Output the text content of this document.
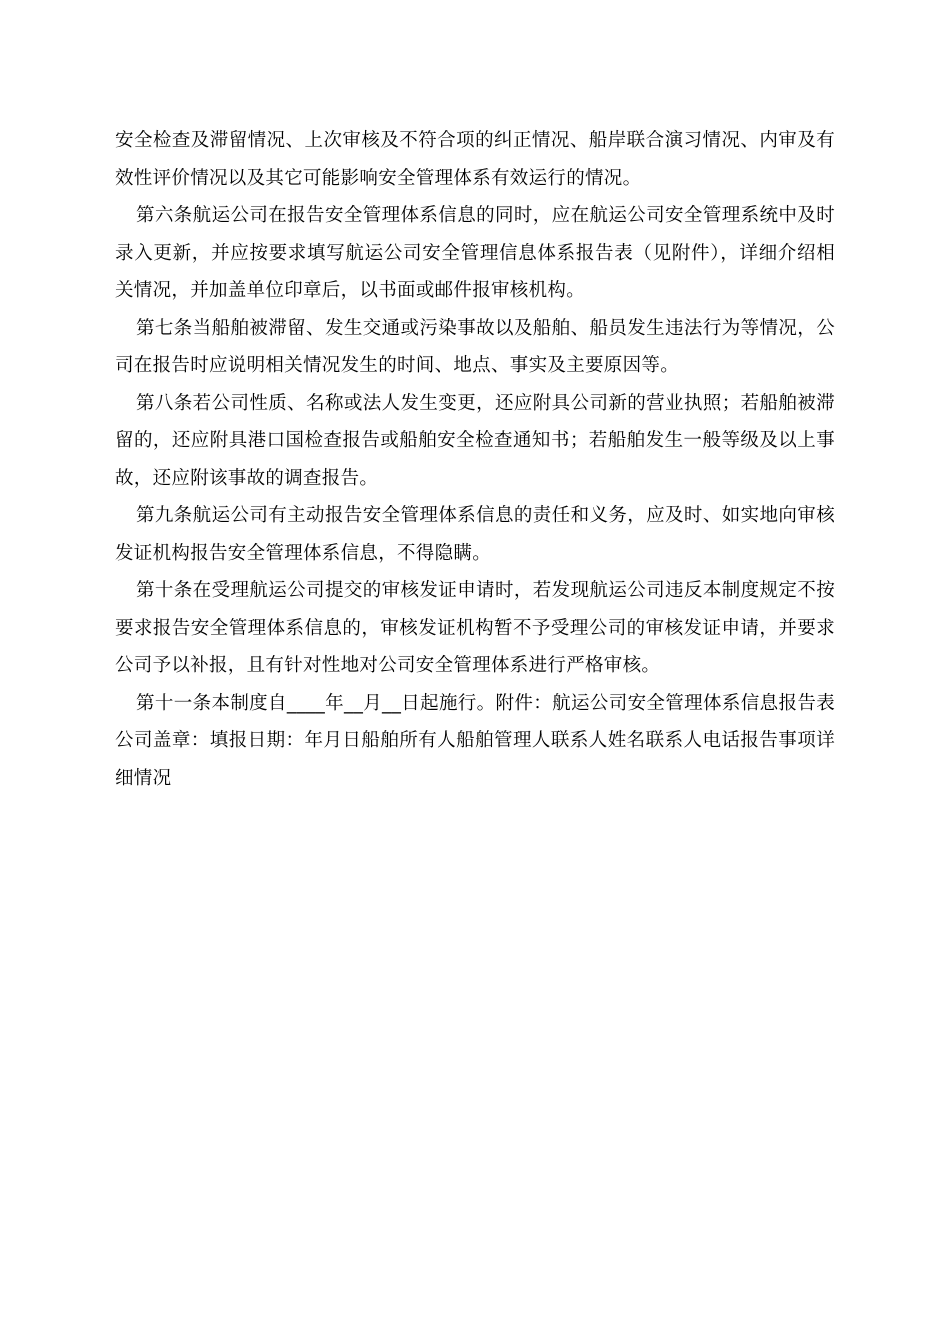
安全检查及滞留情况、上次审核及不符合项的纠正情况、船岸联合演习情况、内审及有效性评价情况以及其它可能影响安全管理体系有效运行的情况。

第六条航运公司在报告安全管理体系信息的同时，应在航运公司安全管理系统中及时录入更新，并应按要求填写航运公司安全管理信息体系报告表（见附件），详细介绍相关情况，并加盖单位印章后，以书面或邮件报审核机构。

第七条当船舶被滞留、发生交通或污染事故以及船舶、船员发生违法行为等情况，公司在报告时应说明相关情况发生的时间、地点、事实及主要原因等。

第八条若公司性质、名称或法人发生变更，还应附具公司新的营业执照；若船舶被滞留的，还应附具港口国检查报告或船舶安全检查通知书；若船舶发生一般等级及以上事故，还应附该事故的调查报告。

第九条航运公司有主动报告安全管理体系信息的责任和义务，应及时、如实地向审核发证机构报告安全管理体系信息，不得隐瞒。

第十条在受理航运公司提交的审核发证申请时，若发现航运公司违反本制度规定不按要求报告安全管理体系信息的，审核发证机构暂不予受理公司的审核发证申请，并要求公司予以补报，且有针对性地对公司安全管理体系进行严格审核。

第十一条本制度自____年__月__日起施行。附件：航运公司安全管理体系信息报告表公司盖章：填报日期：年月日船舶所有人船舶管理人联系人姓名联系人电话报告事项详细情况
